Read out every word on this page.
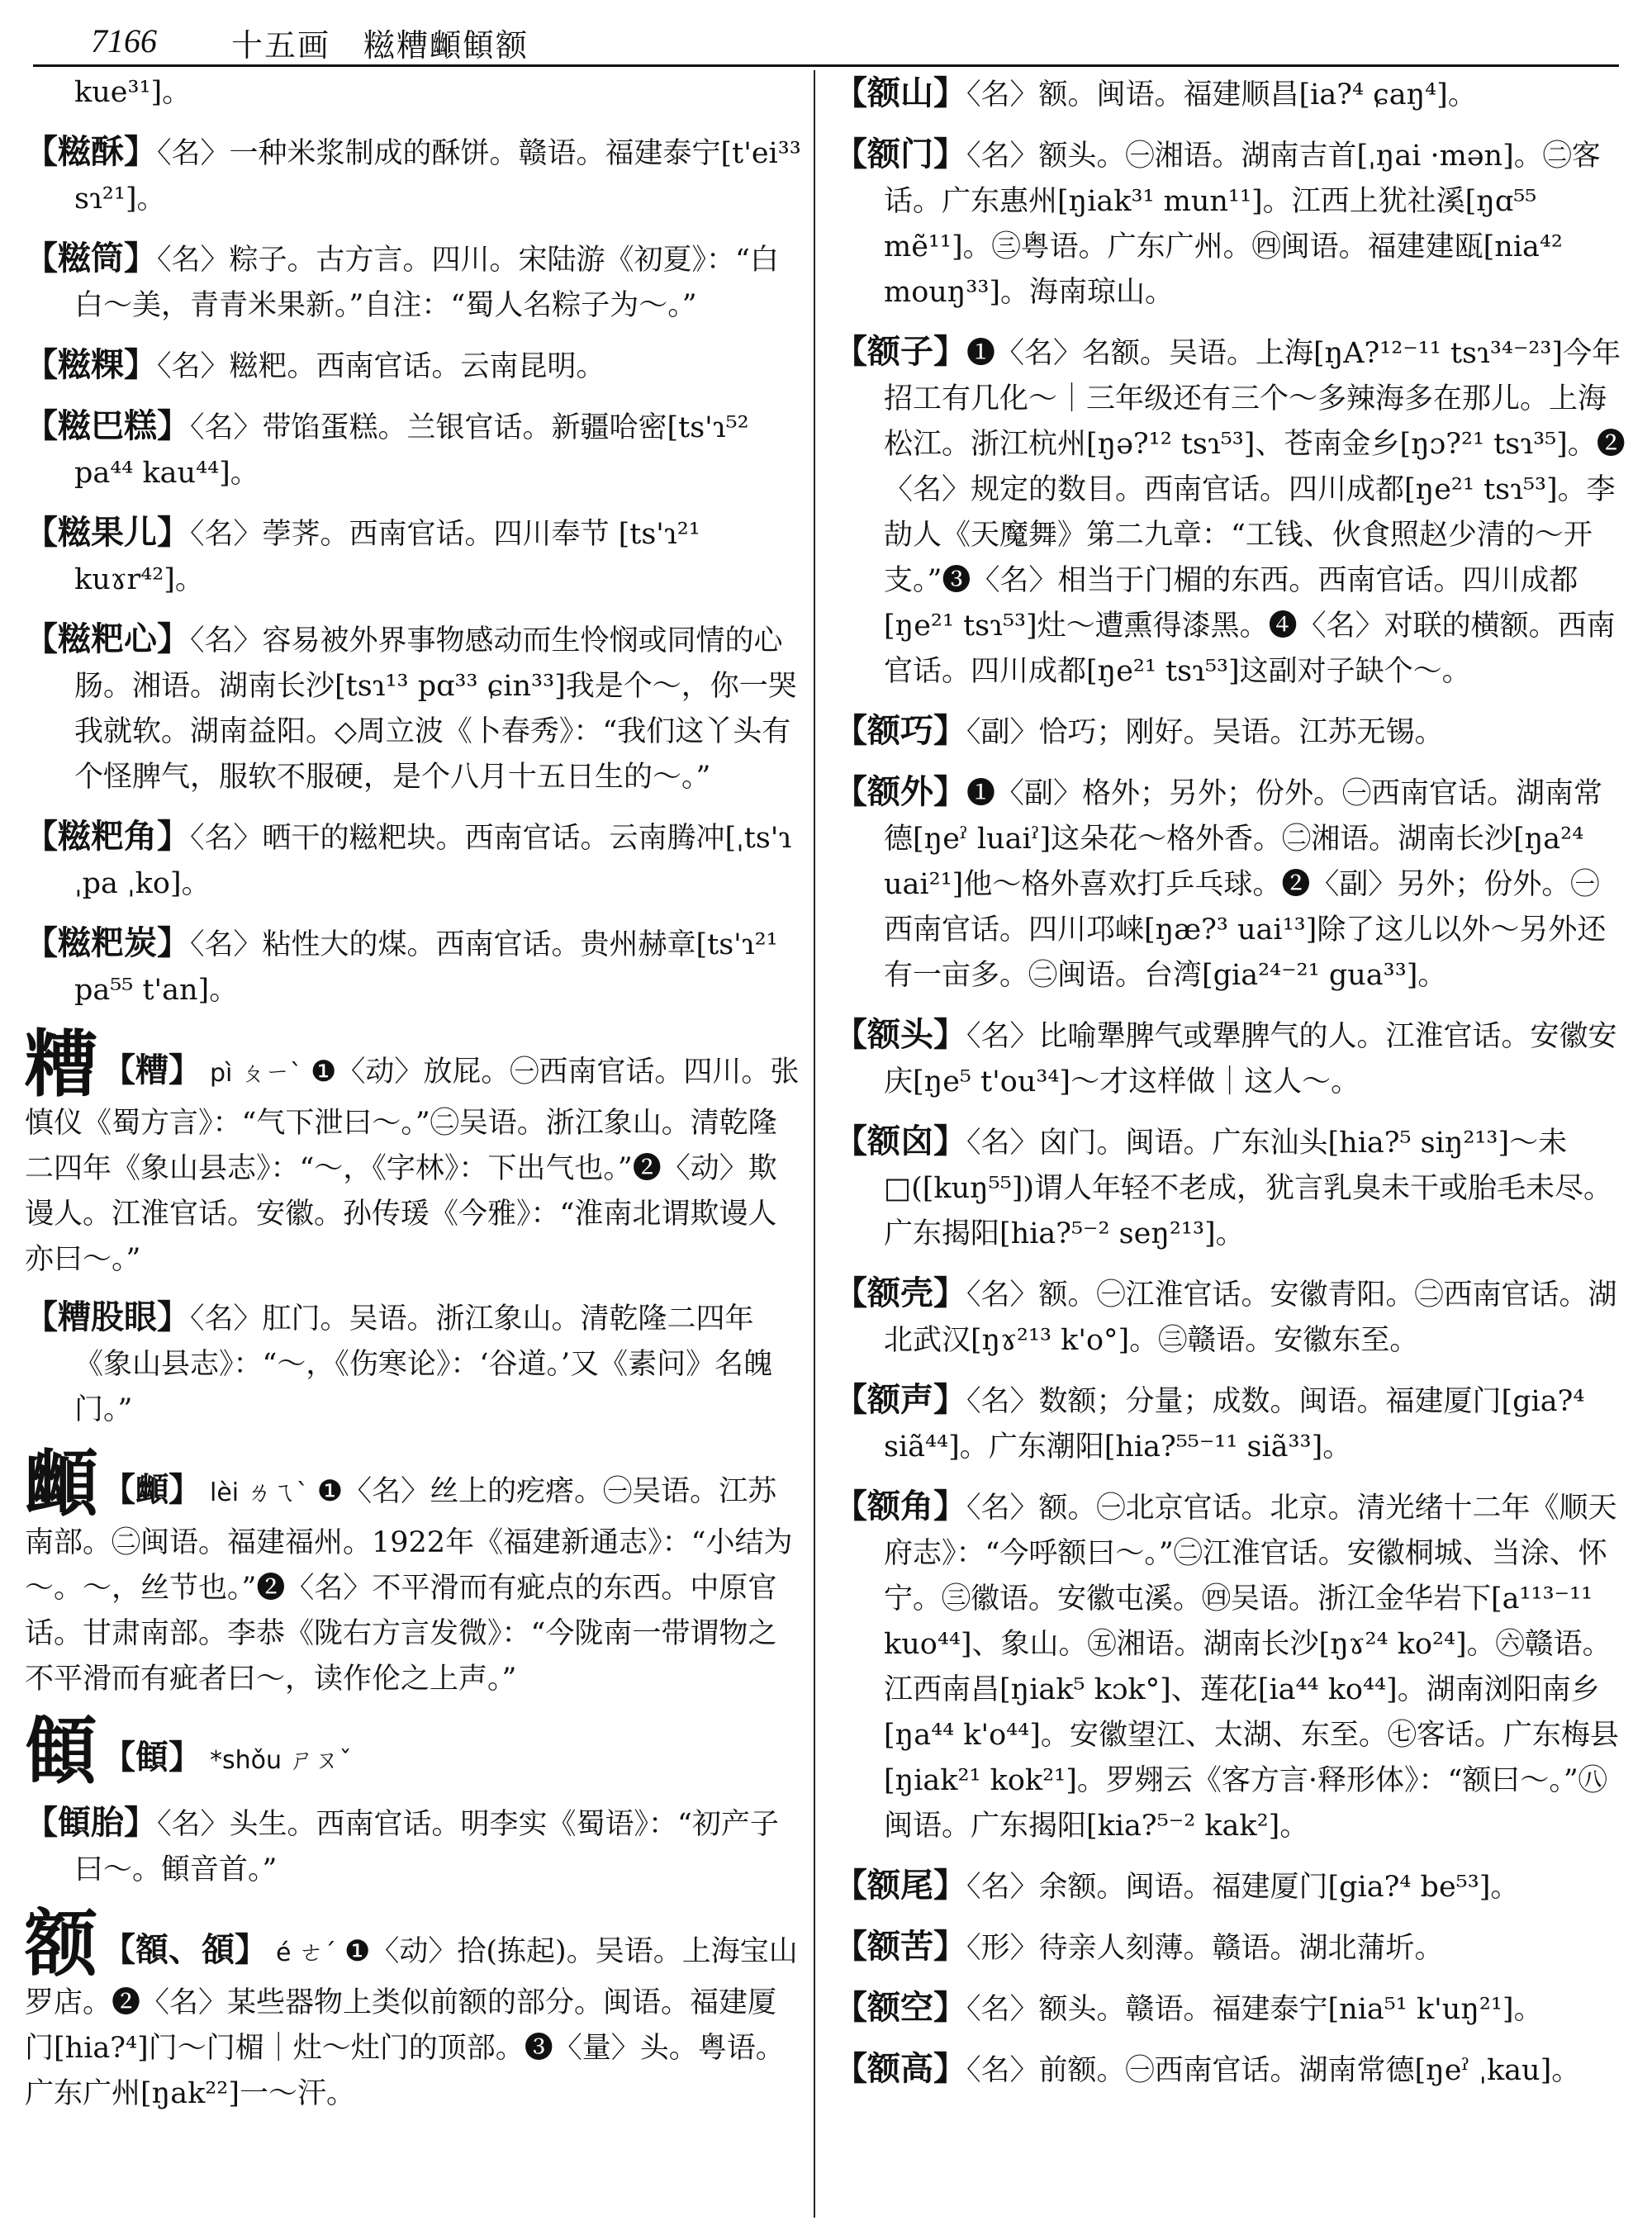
7166 十五画　糍糟䫜顀额
kue³¹]。
【糍酥】〈名〉一种米浆制成的酥饼。赣语。福建泰宁[t'ei³³ sɿ²¹]。
【糍筒】〈名〉粽子。古方言。四川。宋陆游《初夏》：“白白～美，青青米果新。”自注：“蜀人名粽子为～。”
【糍粿】〈名〉糍粑。西南官话。云南昆明。
【糍巴糕】〈名〉带馅蛋糕。兰银官话。新疆哈密[ts'ɿ⁵² pa⁴⁴ kau⁴⁴]。
【糍果儿】〈名〉荸荠。西南官话。四川奉节 [ts'ɿ²¹ kuɤr⁴²]。
【糍粑心】〈名〉容易被外界事物感动而生怜悯或同情的心肠。湘语。湖南长沙[tsɿ¹³ pɑ³³ ɕin³³]我是个～，你一哭我就软。湖南益阳。◇周立波《卜春秀》：“我们这丫头有个怪脾气，服软不服硬，是个八月十五日生的～。”
【糍粑角】〈名〉晒干的糍粑块。西南官话。云南腾冲[ˌts'ɿ ˌpa ˌko]。
【糍粑炭】〈名〉粘性大的煤。西南官话。贵州赫章[ts'ɿ²¹ pa⁵⁵ t'an]。
糟 【糟】 pì ㄆㄧˋ ❶〈动〉放屁。㊀西南官话。四川。张慎仪《蜀方言》：“气下泄曰～。”㊁吴语。浙江象山。清乾隆二四年《象山县志》：“～，《字林》：下出气也。”❷〈动〉欺谩人。江淮官话。安徽。孙传瑗《今雅》：“淮南北谓欺谩人亦曰～。”
【糟股眼】〈名〉肛门。吴语。浙江象山。清乾隆二四年《象山县志》：“～，《伤寒论》：‘谷道。’又《素问》名魄门。”
䫜 【䫜】 lèi ㄌㄟˋ ❶〈名〉丝上的疙瘩。㊀吴语。江苏南部。㊁闽语。福建福州。1922年《福建新通志》：“小结为～。～，丝节也。”❷〈名〉不平滑而有疵点的东西。中原官话。甘肃南部。李恭《陇右方言发微》：“今陇南一带谓物之不平滑而有疵者曰～，读作伦之上声。”
顀 【顀】 *shǒu ㄕㄡˇ
【顀胎】〈名〉头生。西南官话。明李实《蜀语》：“初产子曰～。顀音首。”
额 【額、頟】 é ㄜˊ ❶〈动〉拾(拣起)。吴语。上海宝山罗店。❷〈名〉某些器物上类似前额的部分。闽语。福建厦门[hia?⁴]门～门楣｜灶～灶门的顶部。❸〈量〉头。粤语。广东广州[ŋak²²]一～汗。
【额山】〈名〉额。闽语。福建顺昌[ia?⁴ ɕaŋ⁴]。
【额门】〈名〉额头。㊀湘语。湖南吉首[ˌŋai ·mən]。㊁客话。广东惠州[ŋiak³¹ mun¹¹]。江西上犹社溪[ŋɑ⁵⁵ mẽ¹¹]。㊂粤语。广东广州。㊃闽语。福建建瓯[nia⁴² mouŋ³³]。海南琼山。
【额子】❶〈名〉名额。吴语。上海[ŋA?¹²⁻¹¹ tsɿ³⁴⁻²³]今年招工有几化～｜三年级还有三个～多辣海多在那儿。上海松江。浙江杭州[ŋə?¹² tsɿ⁵³]、苍南金乡[ŋɔ?²¹ tsɿ³⁵]。❷〈名〉规定的数目。西南官话。四川成都[ŋe²¹ tsɿ⁵³]。李劼人《天魔舞》第二九章：“工钱、伙食照赵少清的～开支。”❸〈名〉相当于门楣的东西。西南官话。四川成都[ŋe²¹ tsɿ⁵³]灶～遭熏得漆黑。❹〈名〉对联的横额。西南官话。四川成都[ŋe²¹ tsɿ⁵³]这副对子缺个～。
【额巧】〈副〉恰巧；刚好。吴语。江苏无锡。
【额外】❶〈副〉格外；另外；份外。㊀西南官话。湖南常德[ŋeˀ luaiˀ]这朵花～格外香。㊁湘语。湖南长沙[ŋa²⁴ uai²¹]他～格外喜欢打乒乓球。❷〈副〉另外；份外。㊀西南官话。四川邛崃[ŋæ?³ uai¹³]除了这儿以外～另外还有一亩多。㊁闽语。台湾[gia²⁴⁻²¹ gua³³]。
【额头】〈名〉比喻犟脾气或犟脾气的人。江淮官话。安徽安庆[ŋe⁵ t'ou³⁴]～才这样做｜这人～。
【额囟】〈名〉囟门。闽语。广东汕头[hia?⁵ siŋ²¹³]～未□([kuŋ⁵⁵])谓人年轻不老成，犹言乳臭未干或胎毛未尽。广东揭阳[hia?⁵⁻² seŋ²¹³]。
【额壳】〈名〉额。㊀江淮官话。安徽青阳。㊁西南官话。湖北武汉[ŋɤ²¹³ k'o°]。㊂赣语。安徽东至。
【额声】〈名〉数额；分量；成数。闽语。福建厦门[gia?⁴ siã⁴⁴]。广东潮阳[hia?⁵⁵⁻¹¹ siã³³]。
【额角】〈名〉额。㊀北京官话。北京。清光绪十二年《顺天府志》：“今呼额曰～。”㊁江淮官话。安徽桐城、当涂、怀宁。㊂徽语。安徽屯溪。㊃吴语。浙江金华岩下[a¹¹³⁻¹¹ kuo⁴⁴]、象山。㊄湘语。湖南长沙[ŋɤ²⁴ ko²⁴]。㊅赣语。江西南昌[ŋiak⁵ kɔk°]、莲花[ia⁴⁴ ko⁴⁴]。湖南浏阳南乡[ŋa⁴⁴ k'o⁴⁴]。安徽望江、太湖、东至。㊆客话。广东梅县[ŋiak²¹ kok²¹]。罗翙云《客方言·释形体》：“额曰～。”㊇闽语。广东揭阳[kia?⁵⁻² kak²]。
【额尾】〈名〉余额。闽语。福建厦门[gia?⁴ be⁵³]。
【额苦】〈形〉待亲人刻薄。赣语。湖北蒲圻。
【额空】〈名〉额头。赣语。福建泰宁[nia⁵¹ k'uŋ²¹]。
【额高】〈名〉前额。㊀西南官话。湖南常德[ŋeˀ ˌkau]。
